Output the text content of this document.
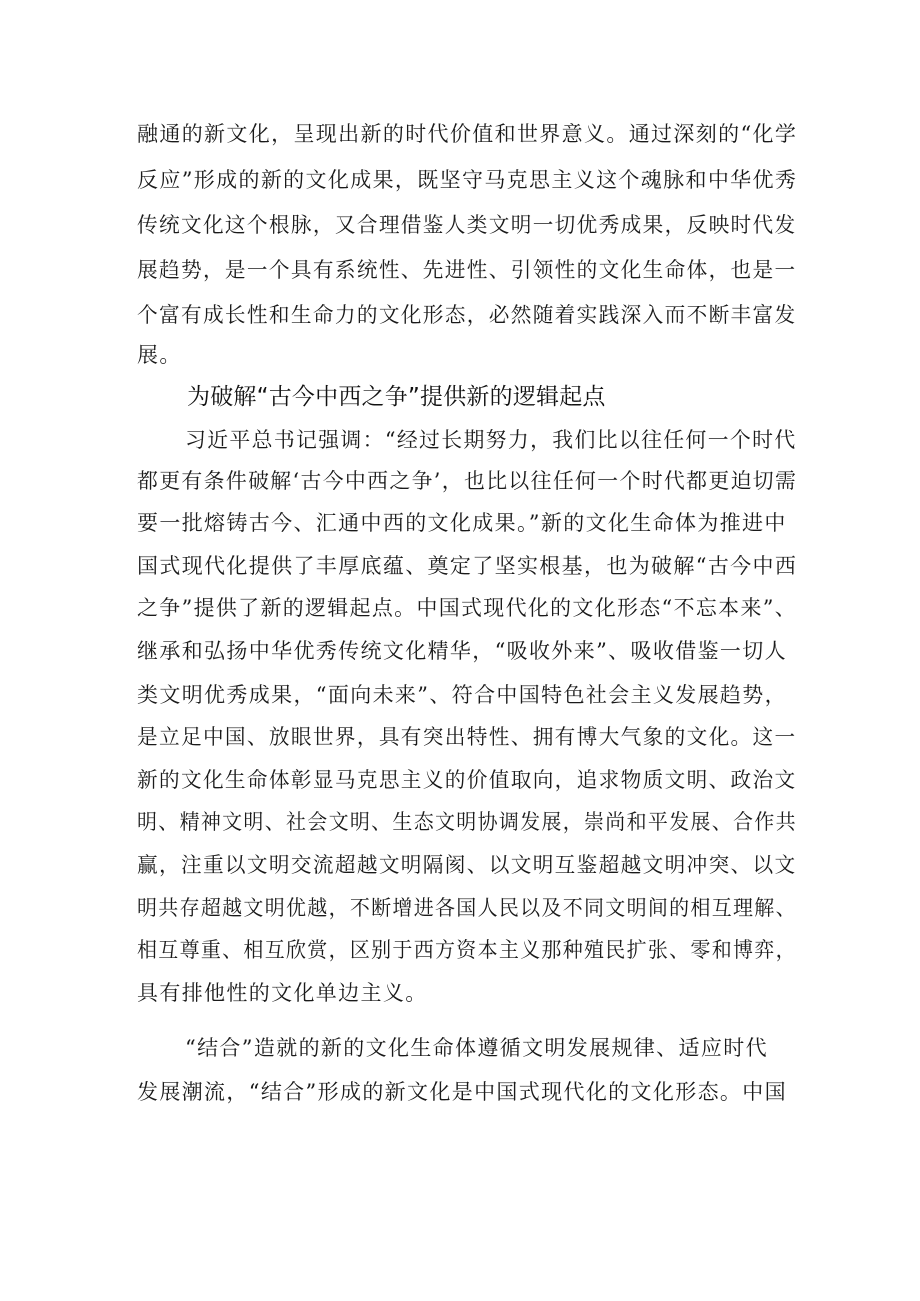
融通的新文化，呈现出新的时代价值和世界意义。通过深刻的“化学
反应”形成的新的文化成果，既坚守马克思主义这个魂脉和中华优秀
传统文化这个根脉，又合理借鉴人类文明一切优秀成果，反映时代发
展趋势，是一个具有系统性、先进性、引领性的文化生命体，也是一
个富有成长性和生命力的文化形态，必然随着实践深入而不断丰富发
展。
为破解“古今中西之争”提供新的逻辑起点
习近平总书记强调：“经过长期努力，我们比以往任何一个时代
都更有条件破解‘古今中西之争’，也比以往任何一个时代都更迫切需
要一批熔铸古今、汇通中西的文化成果。”新的文化生命体为推进中
国式现代化提供了丰厚底蕴、奠定了坚实根基，也为破解“古今中西
之争”提供了新的逻辑起点。中国式现代化的文化形态“不忘本来”、
继承和弘扬中华优秀传统文化精华，“吸收外来”、吸收借鉴一切人
类文明优秀成果，“面向未来”、符合中国特色社会主义发展趋势，
是立足中国、放眼世界，具有突出特性、拥有博大气象的文化。这一
新的文化生命体彰显马克思主义的价值取向，追求物质文明、政治文
明、精神文明、社会文明、生态文明协调发展，崇尚和平发展、合作共
赢，注重以文明交流超越文明隔阂、以文明互鉴超越文明冲突、以文
明共存超越文明优越，不断增进各国人民以及不同文明间的相互理解、
相互尊重、相互欣赏，区别于西方资本主义那种殖民扩张、零和博弈，
具有排他性的文化单边主义。
“结合”造就的新的文化生命体遵循文明发展规律、适应时代
发展潮流，“结合”形成的新文化是中国式现代化的文化形态。中国
